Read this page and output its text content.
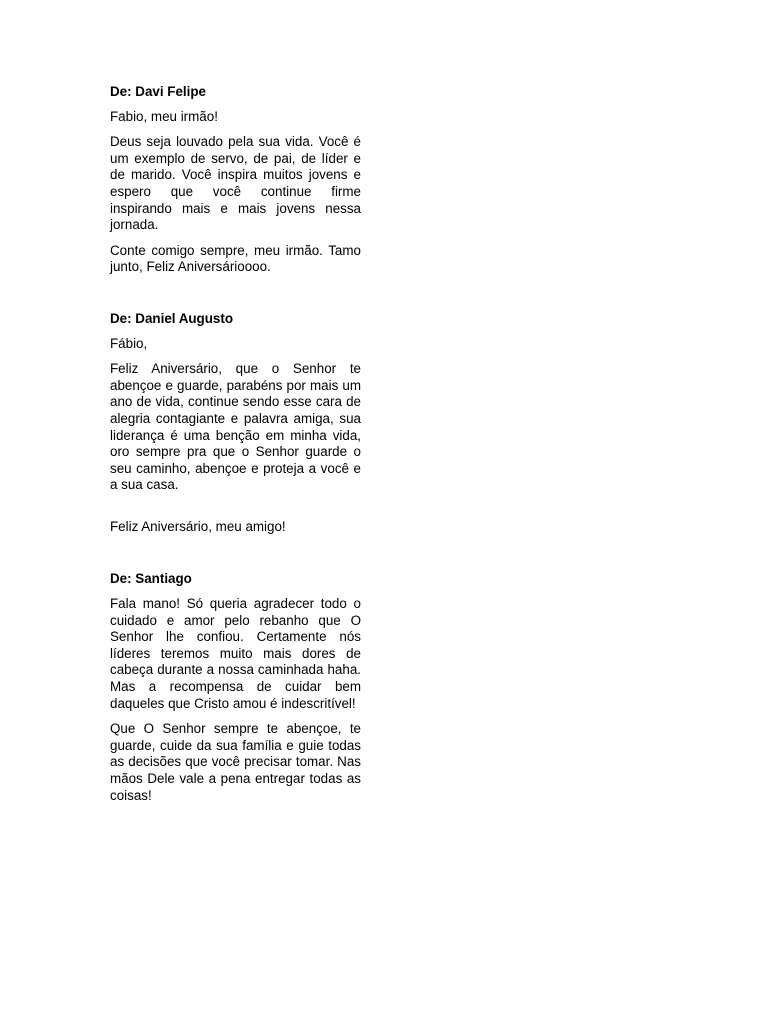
De: Davi Felipe

Fabio, meu irmão!

Deus seja louvado pela sua vida. Você é um exemplo de servo, de pai, de líder e de marido. Você inspira muitos jovens e espero que você continue firme inspirando mais e mais jovens nessa jornada.

Conte comigo sempre, meu irmão. Tamo junto, Feliz Aniversárioooo.

De: Daniel Augusto

Fábio,

Feliz Aniversário, que o Senhor te abençoe e guarde, parabéns por mais um ano de vida, continue sendo esse cara de alegria contagiante e palavra amiga, sua liderança é uma benção em minha vida, oro sempre pra que o Senhor guarde o seu caminho, abençoe e proteja a você e a sua casa.

Feliz Aniversário, meu amigo!

De: Santiago

Fala mano! Só queria agradecer todo o cuidado e amor pelo rebanho que O Senhor lhe confiou. Certamente nós líderes teremos muito mais dores de cabeça durante a nossa caminhada haha. Mas a recompensa de cuidar bem daqueles que Cristo amou é indescritível!

Que O Senhor sempre te abençoe, te guarde, cuide da sua família e guie todas as decisões que você precisar tomar. Nas mãos Dele vale a pena entregar todas as coisas!
